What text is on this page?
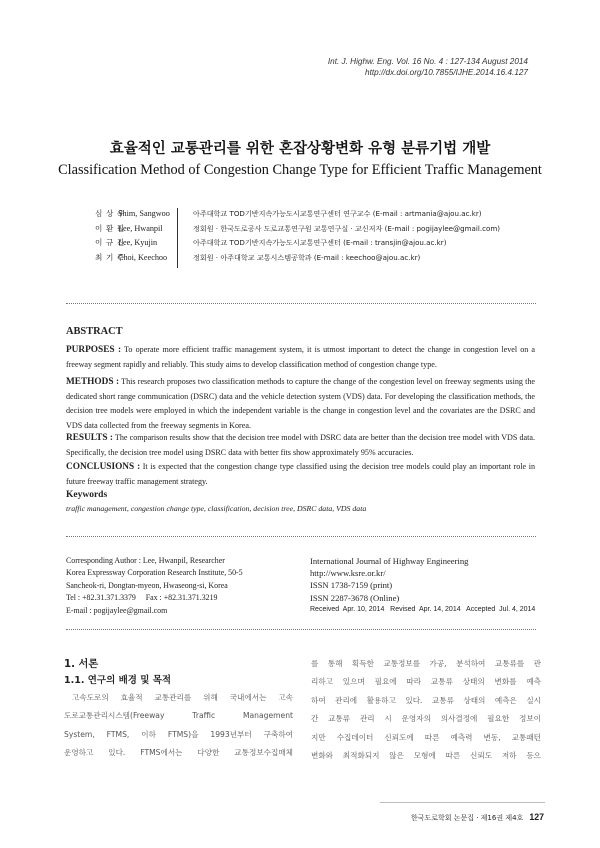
Int. J. Highw. Eng. Vol. 16 No. 4 : 127-134 August 2014
http://dx.doi.org/10.7855/IJHE.2014.16.4.127
효율적인 교통관리를 위한 혼잡상황변화 유형 분류기법 개발
Classification Method of Congestion Change Type for Efficient Traffic Management
심 상 우
이 환 필
이 규 진
최 기 주
Shim, Sangwoo
Lee, Hwanpil
Lee, Kyujin
Choi, Keechoo
아주대학교 TOD기반지속가능도시교통연구센터 연구교수 (E-mail : artmania@ajou.ac.kr)
정회원 · 한국도로공사 도로교통연구원 교통연구실 · 교신저자 (E-mail : pogijaylee@gmail.com)
아주대학교 TOD기반지속가능도시교통연구센터 (E-mail : transjin@ajou.ac.kr)
정회원 · 아주대학교 교통시스템공학과 (E-mail : keechoo@ajou.ac.kr)
ABSTRACT
PURPOSES : To operate more efficient traffic management system, it is utmost important to detect the change in congestion level on a freeway segment rapidly and reliably. This study aims to develop classification method of congestion change type.
METHODS : This research proposes two classification methods to capture the change of the congestion level on freeway segments using the dedicated short range communication (DSRC) data and the vehicle detection system (VDS) data. For developing the classification methods, the decision tree models were employed in which the independent variable is the change in congestion level and the covariates are the DSRC and VDS data collected from the freeway segments in Korea.
RESULTS : The comparison results show that the decision tree model with DSRC data are better than the decision tree model with VDS data. Specifically, the decision tree model using DSRC data with better fits show approximately 95% accuracies.
CONCLUSIONS : It is expected that the congestion change type classified using the decision tree models could play an important role in future freeway traffic management strategy.
Keywords
traffic management, congestion change type, classification, decision tree, DSRC data, VDS data
Corresponding Author : Lee, Hwanpil, Researcher
Korea Expressway Corporation Research Institute, 50-5
Sancheok-ri, Dongtan-myeon, Hwaseong-si, Korea
Tel : +82.31.371.3379     Fax : +82.31.371.3219
E-mail : pogijaylee@gmail.com
International Journal of Highway Engineering
http://www.ksre.or.kr/
ISSN 1738-7159 (print)
ISSN 2287-3678 (Online)
Received  Apr. 10, 2014   Revised  Apr. 14, 2014   Accepted  Jul. 4, 2014
1. 서론
1.1. 연구의 배경 및 목적
고속도로의 효율적 교통관리를 위해 국내에서는 고속
도로교통관리시스템(Freeway Traffic Management
System, FTMS, 이하 FTMS)을 1993년부터 구축하여
운영하고 있다. FTMS에서는 다양한 교통정보수집매체
를 통해 획득한 교통정보를 가공, 분석하여 교통류를 관
리하고 있으며 필요에 따라 교통류 상태의 변화를 예측
하여 관리에 활용하고 있다. 교통류 상태의 예측은 실시
간 교통류 관리 시 운영자의 의사결정에 필요한 정보이
지만 수집데이터 신뢰도에 따른 예측력 변동, 교통패턴
변화와 최적화되지 않은 모형에 따른 신뢰도 저하 등으
한국도로학회 논문집 · 제16권 제4호 127
